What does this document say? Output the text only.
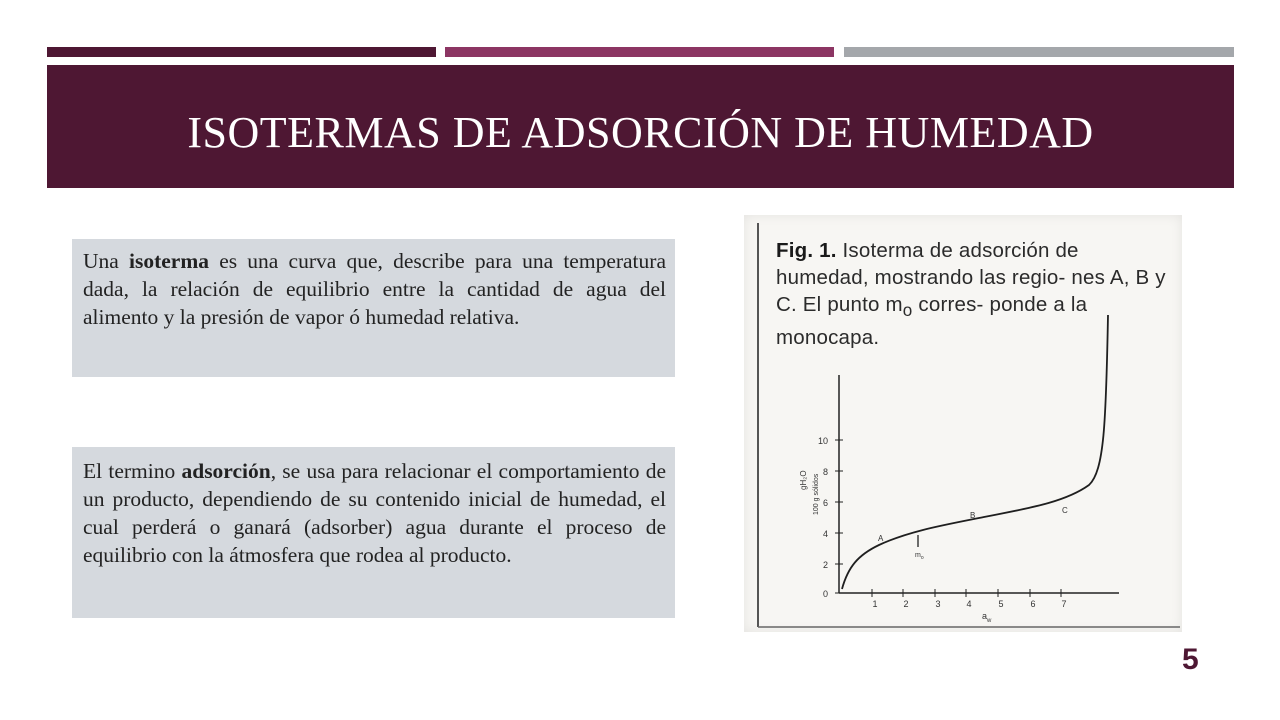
ISOTERMAS DE ADSORCIÓN DE HUMEDAD
Una isoterma es una curva que, describe para una temperatura dada, la relación de equilibrio entre la cantidad de agua del alimento y la presión de vapor ó humedad relativa.
El termino adsorción, se usa para relacionar el comportamiento de un producto, dependiendo de su contenido inicial de humedad, el cual perderá o ganará (adsorber) agua durante el proceso de equilibrio con la átmosfera que rodea al producto.
Fig. 1. Isoterma de adsorción de humedad, mostrando las regio- nes A, B y C. El punto $m_o$ corres- ponde a la monocapa.
0
2
4
6
8
10
gH₂O 100 g sólidos
1	2	3	4	5	6	7
$a_w$
A
B
C
$m_o$
5
